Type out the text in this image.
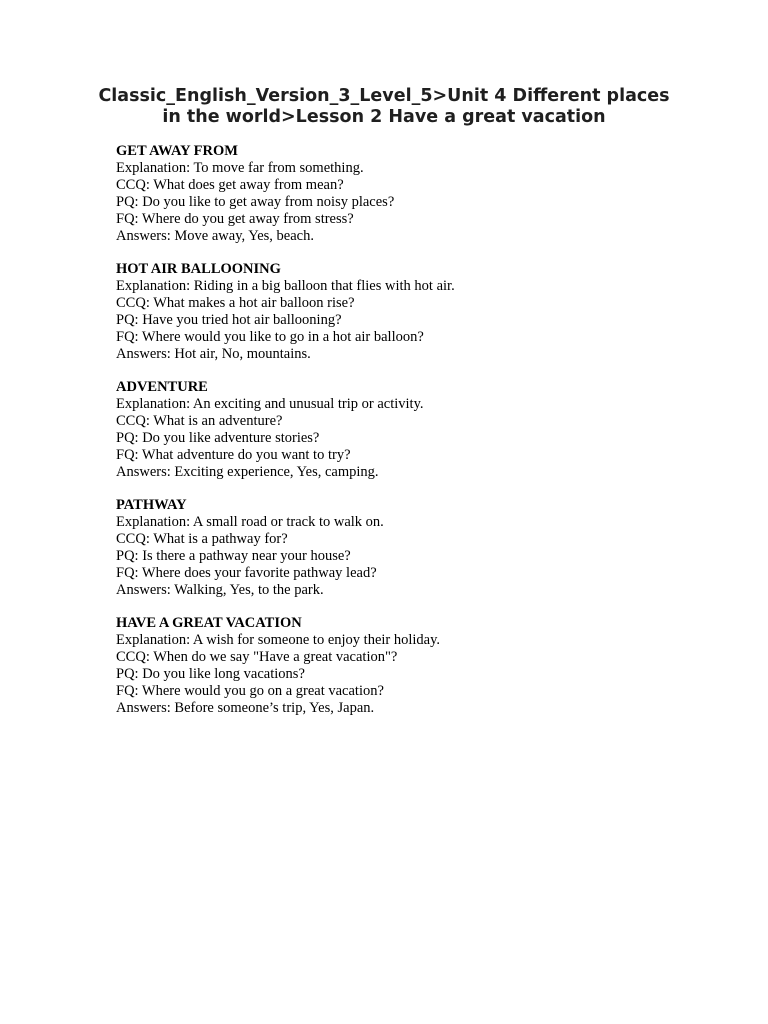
Classic_English_Version_3_Level_5>Unit 4 Different places in the world>Lesson 2 Have a great vacation

GET AWAY FROM

Explanation: To move far from something.

CCQ: What does get away from mean?

PQ: Do you like to get away from noisy places?

FQ: Where do you get away from stress?

Answers: Move away, Yes, beach.

HOT AIR BALLOONING

Explanation: Riding in a big balloon that flies with hot air.

CCQ: What makes a hot air balloon rise?

PQ: Have you tried hot air ballooning?

FQ: Where would you like to go in a hot air balloon?

Answers: Hot air, No, mountains.

ADVENTURE

Explanation: An exciting and unusual trip or activity.

CCQ: What is an adventure?

PQ: Do you like adventure stories?

FQ: What adventure do you want to try?

Answers: Exciting experience, Yes, camping.

PATHWAY

Explanation: A small road or track to walk on.

CCQ: What is a pathway for?

PQ: Is there a pathway near your house?

FQ: Where does your favorite pathway lead?

Answers: Walking, Yes, to the park.

HAVE A GREAT VACATION

Explanation: A wish for someone to enjoy their holiday.

CCQ: When do we say "Have a great vacation"?

PQ: Do you like long vacations?

FQ: Where would you go on a great vacation?

Answers: Before someone’s trip, Yes, Japan.
